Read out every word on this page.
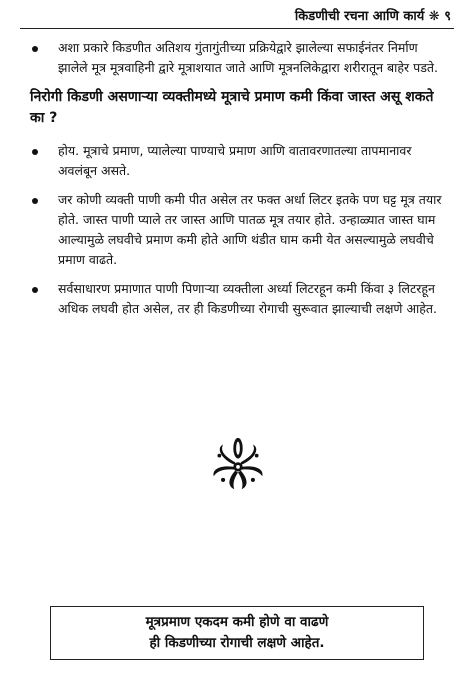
किडणीची रचना आणि कार्य ❋ ९
अशा प्रकारे किडणीत अतिशय गुंतागुंतीच्या प्रक्रियेद्वारे झालेल्या सफाईनंतर निर्माण झालेले मूत्र मूत्रवाहिनी द्वारे मूत्राशयात जाते आणि मूत्रनलिकेद्वारा शरीरातून बाहेर पडते.
निरोगी किडणी असणाऱ्या व्यक्तीमध्ये मूत्राचे प्रमाण कमी किंवा जास्त असू शकते का ?
होय. मूत्राचे प्रमाण, प्यालेल्या पाण्याचे प्रमाण आणि वातावरणातल्या तापमानावर अवलंबून असते.
जर कोणी व्यक्ती पाणी कमी पीत असेल तर फक्त अर्धा लिटर इतके पण घट्ट मूत्र तयार होते. जास्त पाणी प्याले तर जास्त आणि पातळ मूत्र तयार होते. उन्हाळ्यात जास्त घाम आल्यामुळे लघवीचे प्रमाण कमी होते आणि थंडीत घाम कमी येत असल्यामुळे लघवीचे प्रमाण वाढते.
सर्वसाधारण प्रमाणात पाणी पिणाऱ्या व्यक्तीला अर्ध्या लिटरहून कमी किंवा ३ लिटरहून अधिक लघवी होत असेल, तर ही किडणीच्या रोगाची सुरूवात झाल्याची लक्षणे आहेत.
मूत्रप्रमाण एकदम कमी होणे वा वाढणे
ही किडणीच्या रोगाची लक्षणे आहेत.
